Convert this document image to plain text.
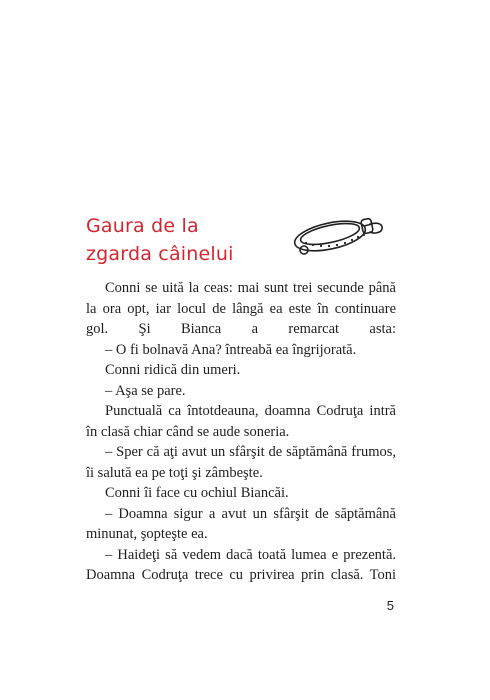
Gaura de la
zgarda câinelui

Conni se uită la ceas: mai sunt trei secunde până la ora opt, iar locul de lângă ea este în continuare gol. Şi Bianca a remarcat asta:

– O fi bolnavă Ana? întreabă ea îngrijorată.

Conni ridică din umeri.

– Aşa se pare.

Punctuală ca întotdeauna, doamna Codruţa intră în clasă chiar când se aude soneria.

– Sper că aţi avut un sfârşit de săptămână frumos, îi salută ea pe toţi şi zâmbeşte.

Conni îi face cu ochiul Biancăi.

– Doamna sigur a avut un sfârşit de săptămână minunat, şopteşte ea.

– Haideţi să vedem dacă toată lumea e prezentă. Doamna Codruţa trece cu privirea prin clasă. Toni

5
